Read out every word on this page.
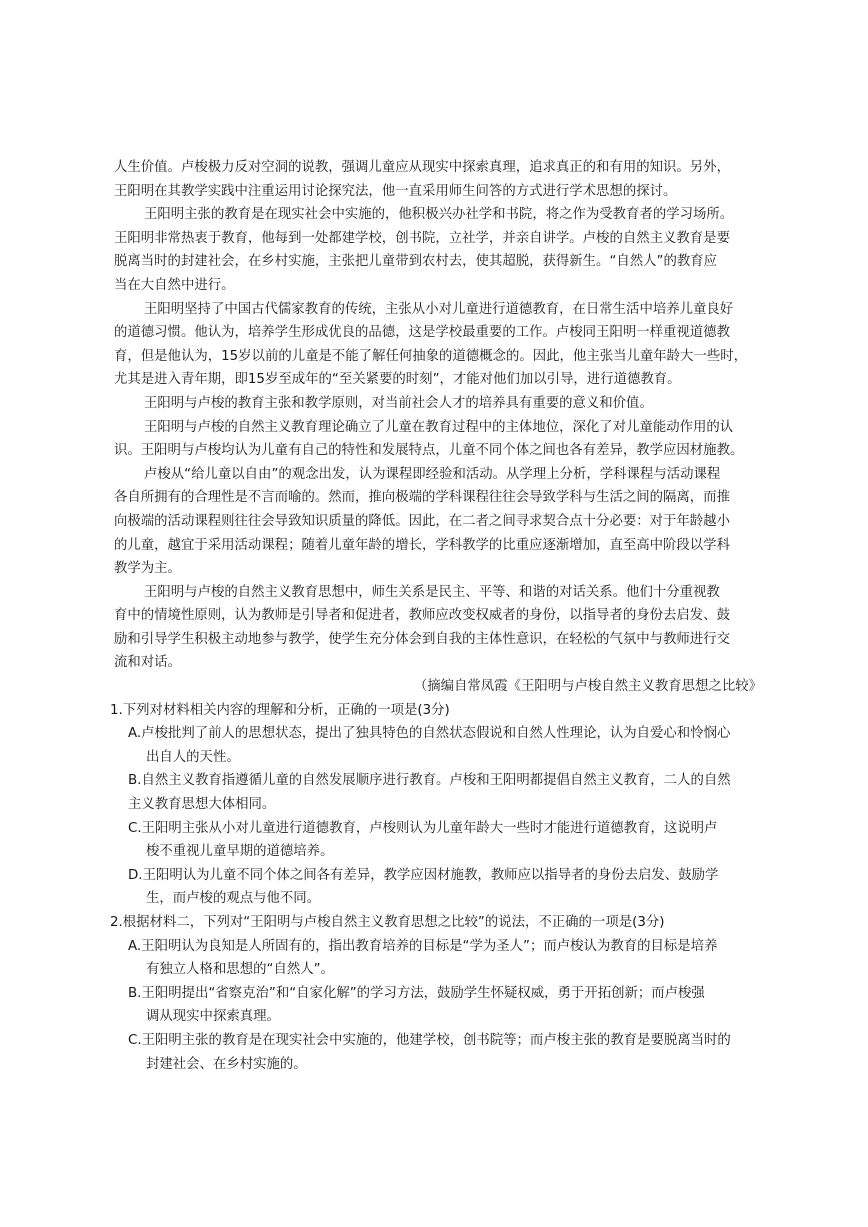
人生价值。卢梭极力反对空洞的说教，强调儿童应从现实中探索真理，追求真正的和有用的知识。另外，
王阳明在其教学实践中注重运用讨论探究法，他一直采用师生问答的方式进行学术思想的探讨。
王阳明主张的教育是在现实社会中实施的，他积极兴办社学和书院，将之作为受教育者的学习场所。
王阳明非常热衷于教育，他每到一处都建学校，创书院，立社学，并亲自讲学。卢梭的自然主义教育是要
脱离当时的封建社会，在乡村实施，主张把儿童带到农村去，使其超脱，获得新生。“自然人”的教育应
当在大自然中进行。
王阳明坚持了中国古代儒家教育的传统，主张从小对儿童进行道德教育，在日常生活中培养儿童良好
的道德习惯。他认为，培养学生形成优良的品德，这是学校最重要的工作。卢梭同王阳明一样重视道德教
育，但是他认为，15岁以前的儿童是不能了解任何抽象的道德概念的。因此，他主张当儿童年龄大一些时，
尤其是进入青年期，即15岁至成年的“至关紧要的时刻”，才能对他们加以引导，进行道德教育。
王阳明与卢梭的教育主张和教学原则，对当前社会人才的培养具有重要的意义和价值。
王阳明与卢梭的自然主义教育理论确立了儿童在教育过程中的主体地位，深化了对儿童能动作用的认
识。王阳明与卢梭均认为儿童有自己的特性和发展特点，儿童不同个体之间也各有差异，教学应因材施教。
卢梭从“给儿童以自由”的观念出发，认为课程即经验和活动。从学理上分析，学科课程与活动课程
各自所拥有的合理性是不言而喻的。然而，推向极端的学科课程往往会导致学科与生活之间的隔离，而推
向极端的活动课程则往往会导致知识质量的降低。因此，在二者之间寻求契合点十分必要：对于年龄越小
的儿童，越宜于采用活动课程；随着儿童年龄的增长，学科教学的比重应逐渐增加，直至高中阶段以学科
教学为主。
王阳明与卢梭的自然主义教育思想中，师生关系是民主、平等、和谐的对话关系。他们十分重视教
育中的情境性原则，认为教师是引导者和促进者，教师应改变权威者的身份，以指导者的身份去启发、鼓
励和引导学生积极主动地参与教学，使学生充分体会到自我的主体性意识，在轻松的气氛中与教师进行交
流和对话。
（摘编自常凤霞《王阳明与卢梭自然主义教育思想之比较》
1.下列对材料相关内容的理解和分析，正确的一项是(3分)
A.卢梭批判了前人的思想状态，提出了独具特色的自然状态假说和自然人性理论，认为自爱心和怜悯心
出自人的天性。
B.自然主义教育指遵循儿童的自然发展顺序进行教育。卢梭和王阳明都提倡自然主义教育，二人的自然
主义教育思想大体相同。
C.王阳明主张从小对儿童进行道德教育，卢梭则认为儿童年龄大一些时才能进行道德教育，这说明卢
梭不重视儿童早期的道德培养。
D.王阳明认为儿童不同个体之间各有差异，教学应因材施教，教师应以指导者的身份去启发、鼓励学
生，而卢梭的观点与他不同。
2.根据材料二，下列对“王阳明与卢梭自然主义教育思想之比较”的说法，不正确的一项是(3分)
A.王阳明认为良知是人所固有的，指出教育培养的目标是“学为圣人”；而卢梭认为教育的目标是培养
有独立人格和思想的“自然人”。
B.王阳明提出“省察克治”和“自家化解”的学习方法，鼓励学生怀疑权威，勇于开拓创新；而卢梭强
调从现实中探索真理。
C.王阳明主张的教育是在现实社会中实施的，他建学校，创书院等；而卢梭主张的教育是要脱离当时的
封建社会、在乡村实施的。
